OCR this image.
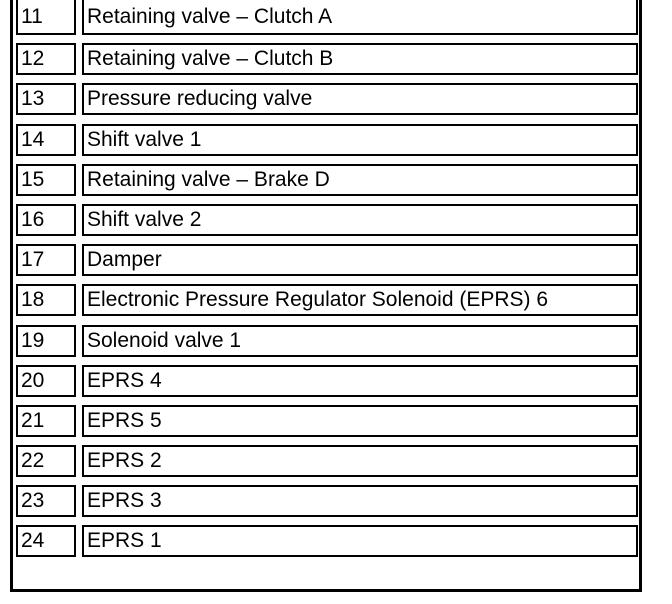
11	Retaining valve – Clutch A
12	Retaining valve – Clutch B
13	Pressure reducing valve
14	Shift valve 1
15	Retaining valve – Brake D
16	Shift valve 2
17	Damper
18	Electronic Pressure Regulator Solenoid (EPRS) 6
19	Solenoid valve 1
20	EPRS 4
21	EPRS 5
22	EPRS 2
23	EPRS 3
24	EPRS 1
